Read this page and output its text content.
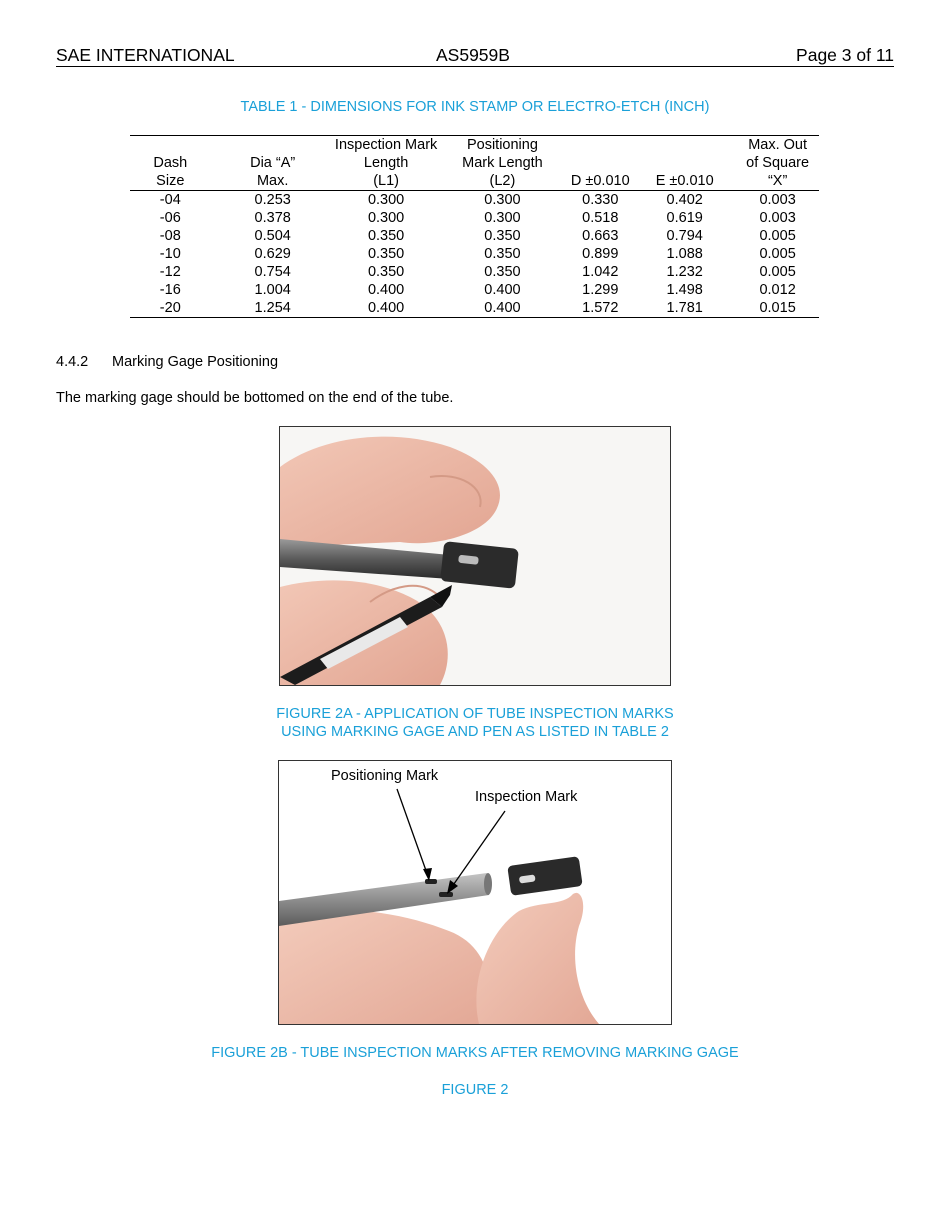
SAE INTERNATIONAL	AS5959B	Page 3 of 11
TABLE 1 - DIMENSIONS FOR INK STAMP OR ELECTRO-ETCH (INCH)
		Inspection Mark	Positioning			Max. Out
Dash	Dia “A”	Length	Mark Length			of Square
Size	Max.	(L1)	(L2)	D ±0.010	E ±0.010	“X”
-04	0.253	0.300	0.300	0.330	0.402	0.003
-06	0.378	0.300	0.300	0.518	0.619	0.003
-08	0.504	0.350	0.350	0.663	0.794	0.005
-10	0.629	0.350	0.350	0.899	1.088	0.005
-12	0.754	0.350	0.350	1.042	1.232	0.005
-16	1.004	0.400	0.400	1.299	1.498	0.012
-20	1.254	0.400	0.400	1.572	1.781	0.015
4.4.2 Marking Gage Positioning
The marking gage should be bottomed on the end of the tube.
FIGURE 2A - APPLICATION OF TUBE INSPECTION MARKS
USING MARKING GAGE AND PEN AS LISTED IN TABLE 2
Positioning Mark
Inspection Mark
FIGURE 2B - TUBE INSPECTION MARKS AFTER REMOVING MARKING GAGE
FIGURE 2
